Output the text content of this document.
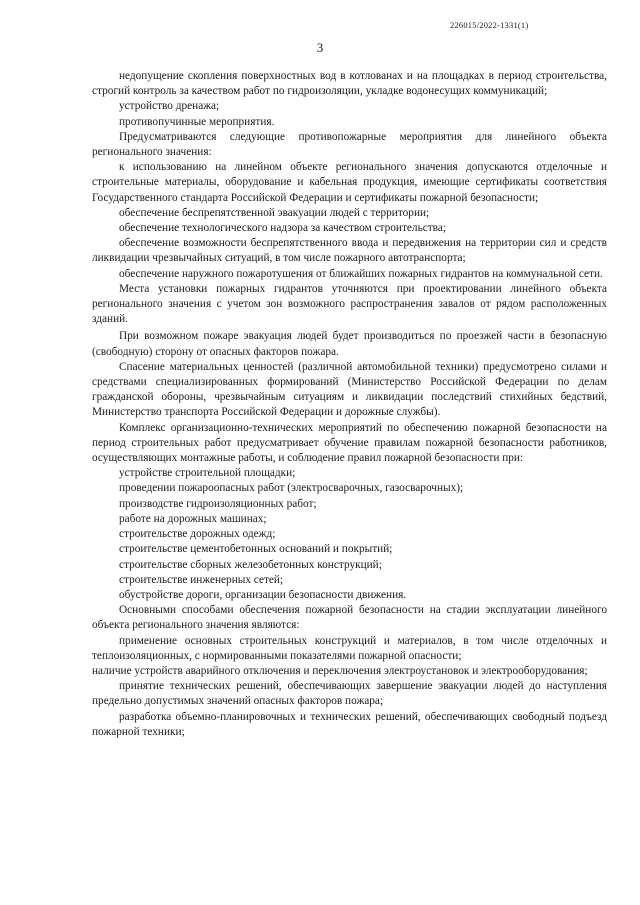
226015/2022-1331(1)
3

недопущение скопления поверхностных вод в котлованах и на площадках в период строительства, строгий контроль за качеством работ по гидроизоляции, укладке водонесущих коммуникаций;

устройство дренажа;

противопучинные мероприятия.

Предусматриваются следующие противопожарные мероприятия для линейного объекта регионального значения:

к использованию на линейном объекте регионального значения допускаются отделочные и строительные материалы, оборудование и кабельная продукция, имеющие сертификаты соответствия Государственного стандарта Российской Федерации и сертификаты пожарной безопасности;

обеспечение беспрепятственной эвакуации людей с территории;

обеспечение технологического надзора за качеством строительства;

обеспечение возможности беспрепятственного ввода и передвижения на территории сил и средств ликвидации чрезвычайных ситуаций, в том числе пожарного автотранспорта;

обеспечение наружного пожаротушения от ближайших пожарных гидрантов на коммунальной сети.

Места установки пожарных гидрантов уточняются при проектировании линейного объекта регионального значения с учетом зон возможного распространения завалов от рядом расположенных зданий.

При возможном пожаре эвакуация людей будет производиться по проезжей части в безопасную (свободную) сторону от опасных факторов пожара.

Спасение материальных ценностей (различной автомобильной техники) предусмотрено силами и средствами специализированных формирований (Министерство Российской Федерации по делам гражданской обороны, чрезвычайным ситуациям и ликвидации последствий стихийных бедствий, Министерство транспорта Российской Федерации и дорожные службы).

Комплекс организационно-технических мероприятий по обеспечению пожарной безопасности на период строительных работ предусматривает обучение правилам пожарной безопасности работников, осуществляющих монтажные работы, и соблюдение правил пожарной безопасности при:

устройстве строительной площадки;

проведении пожароопасных работ (электросварочных, газосварочных);

производстве гидроизоляционных работ;

работе на дорожных машинах;

строительстве дорожных одежд;

строительстве цементобетонных оснований и покрытий;

строительстве сборных железобетонных конструкций;

строительстве инженерных сетей;

обустройстве дороги, организации безопасности движения.

Основными способами обеспечения пожарной безопасности на стадии эксплуатации линейного объекта регионального значения являются:

применение основных строительных конструкций и материалов, в том числе отделочных и теплоизоляционных, с нормированными показателями пожарной опасности;

наличие устройств аварийного отключения и переключения электроустановок и электрооборудования;

принятие технических решений, обеспечивающих завершение эвакуации людей до наступления предельно допустимых значений опасных факторов пожара;

разработка объемно-планировочных и технических решений, обеспечивающих свободный подъезд пожарной техники;
